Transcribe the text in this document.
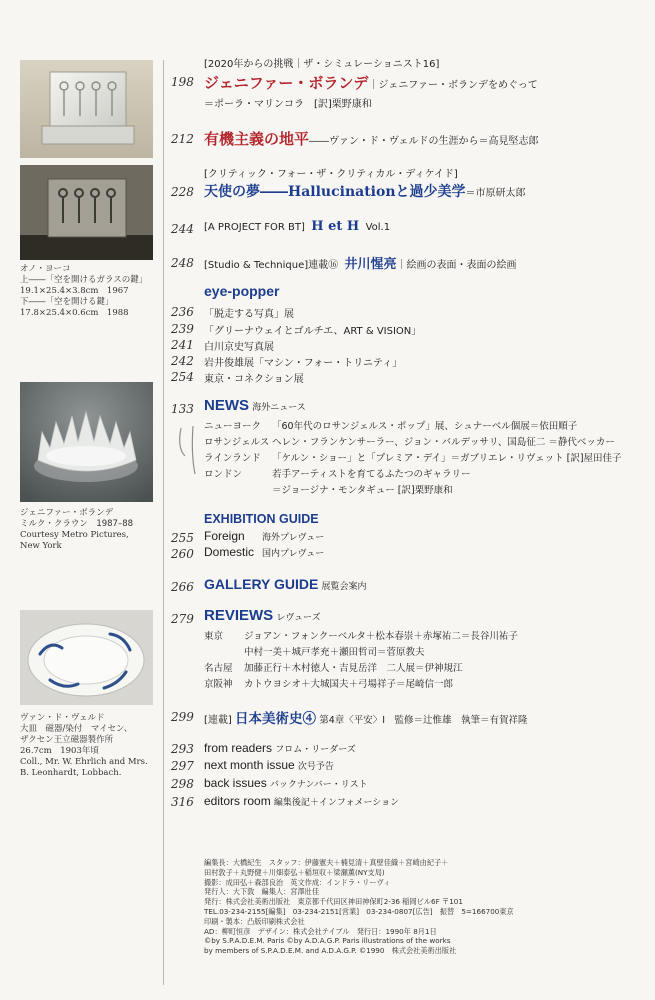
オノ・ヨーコ
上――「空を開けるガラスの鍵」
19.1×25.4×3.8cm　1967
下――「空を開ける鍵」
17.8×25.4×0.6cm　1988
ジェニファー・ボランデ
ミルク・クラウン　1987–88
Courtesy Metro Pictures,
New York
ヴァン・ド・ヴェルド
大皿　磁器/染付　マイセン、
ザクセン王立磁器製作所
26.7cm　1903年頃
Coll., Mr. W. Ehrlich and Mrs.
B. Leonhardt, Lobbach.
[2020年からの挑戦｜ザ・シミュレーショニスト16]
198 ジェニファー・ボランデ｜ジェニファー・ボランデをめぐって
＝ポーラ・マリンコラ　[訳]栗野康和
212 有機主義の地平――ヴァン・ド・ヴェルドの生涯から＝高見堅志郎
[クリティック・フォー・ザ・クリティカル・ディケイド]
228 天使の夢――Hallucinationと過少美学＝市原研太郎
244	[A PROJECT FOR BT] H et H Vol.1
248	[Studio & Technique]連載⑯ 井川惺亮｜絵画の表面・表面の絵画
eye-popper
236	「脱走する写真」展
239	「グリーナウェイとゴルチエ、ART & VISION」
241	白川京史写真展
242	岩井俊雄展「マシン・フォー・トリニティ」
254	東京・コネクション展
133 NEWS 海外ニュース
ニューヨーク 「60年代のロサンジェルス・ポップ」展、シュナーベル個展＝依田順子
ロサンジェルス ヘレン・フランケンサーラー、ジョン・バルデッサリ、国島征二 ＝静代ベッカー
ラインランド 「ケルン・ショー」と「プレミア・デイ」＝ガブリエレ・リヴェット [訳]屋田佳子
ロンドン	若手アーティストを育てるふたつのギャラリー
＝ジョージナ・モンタギュー [訳]栗野康和
EXHIBITION GUIDE
255 Foreign 海外プレヴュー
260 Domestic 国内プレヴュー
266 GALLERY GUIDE 展覧会案内
279 REVIEWS レヴューズ
東京 ジョアン・フォンクーベルタ＋松本春崇＋赤塚祐二＝長谷川祐子
中村一美＋城戸孝充＋瀬田哲司＝菅原教夫
名古屋 加藤正行＋木村徳人・吉見岳洋　二人展＝伊神規江
京阪神 カトウヨシオ＋大城国夫＋弓場祥子＝尾崎信一郎
299	[連載] 日本美術史④ 第4章〈平安〉I　監修＝辻惟雄　執筆＝有賀祥隆
293 from readers フロム・リーダーズ
297 next month issue 次号予告
298 back issues バックナンバー・リスト
316 editors room 編集後記＋インフォメーション
編集長：大橋紀生　スタッフ：伊藤憲夫＋楠見清＋真壁佳織＋宮崎由紀子＋
田村敦子＋丸野健＋川畑泰弘＋稲垣収＋梁瀬薫(NY支局)
撮影：成田弘＋森部良治　英文作成：インドラ・リーヴィ
発行人：大下敦　編集人：宮澤壯佳
発行：株式会社美術出版社　東京都千代田区神田神保町2-36 稲岡ビル6F 〒101
TEL.03-234-2155[編集]　03-234-2151[営業]　03-234-0807[広告]　振替　5=166700東京
印刷・製本：凸版印刷株式会社
AD：柳町恒彦　デザイン：株式会社テイブル　発行日：1990年 8月1日
©by S.P.A.D.E.M. Paris ©by A.D.A.G.P. Paris illustrations of the works
by members of S.P.A.D.E.M. and A.D.A.G.P. ©1990　株式会社美術出版社
